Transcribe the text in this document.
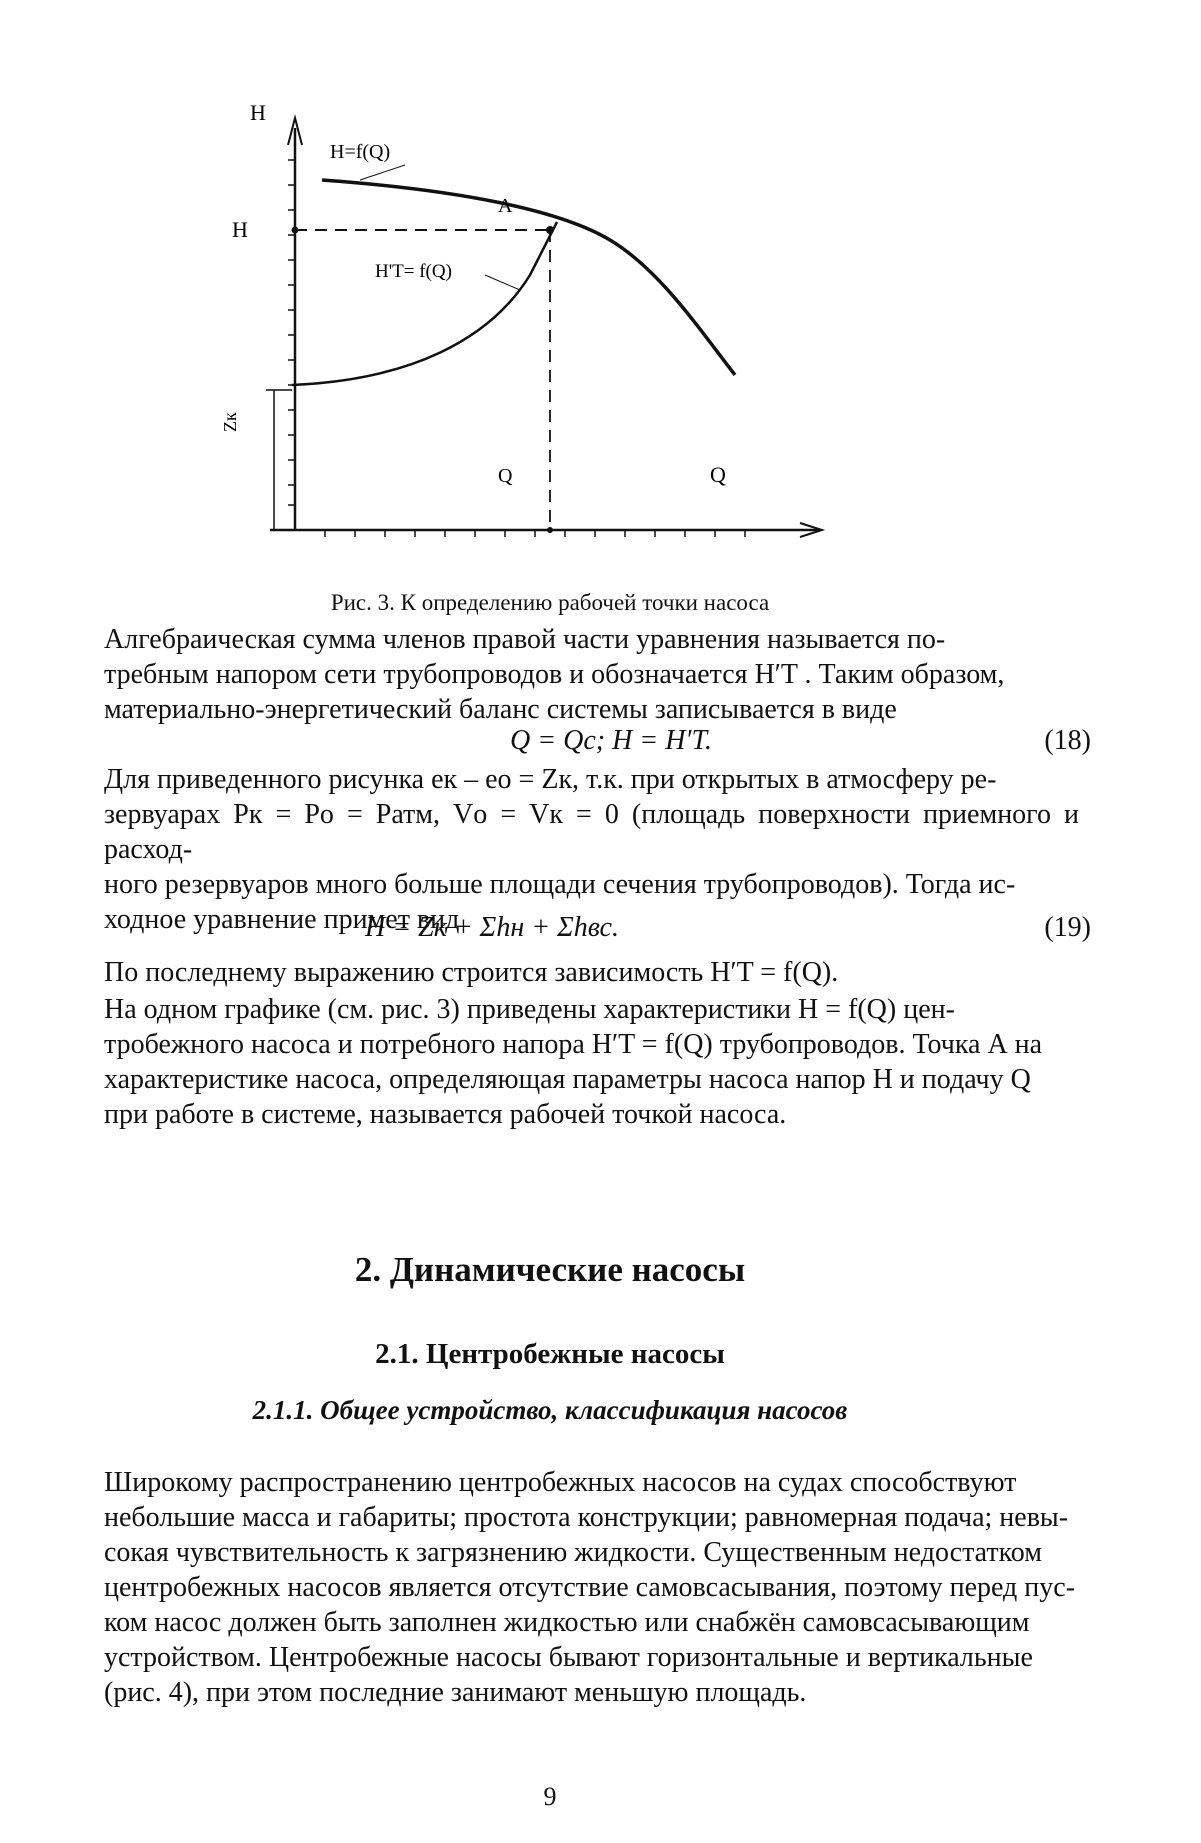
H
Q
H=f(Q)
H'T= f(Q)
A
H
Q
Zк
Рис. 3. К определению рабочей точки насоса
Алгебраическая сумма членов правой части уравнения называется по-
требным напором сети трубопроводов и обозначается H′T . Таким образом,
материально-энергетический баланс системы записывается в виде
Q = Qc; H = H′T.	(18)
Для приведенного рисунка eк – eо = Zк, т.к. при открытых в атмосферу ре-
зервуарах Pк = Pо = Pатм, Vо = Vк = 0 (площадь поверхности приемного и расход-
ного резервуаров много больше площади сечения трубопроводов). Тогда ис-
ходное уравнение примет вид
H = Zк + Σhн + Σhвс.	(19)
По последнему выражению строится зависимость H′T = f(Q).
На одном графике (см. рис. 3) приведены характеристики H = f(Q) цен-
тробежного насоса и потребного напора H′T = f(Q) трубопроводов. Точка А на
характеристике насоса, определяющая параметры насоса напор H и подачу Q
при работе в системе, называется рабочей точкой насоса.
2. Динамические насосы
2.1. Центробежные насосы
2.1.1. Общее устройство, классификация насосов
Широкому распространению центробежных насосов на судах способствуют
небольшие масса и габариты; простота конструкции; равномерная подача; невы-
сокая чувствительность к загрязнению жидкости. Существенным недостатком
центробежных насосов является отсутствие самовсасывания, поэтому перед пус-
ком насос должен быть заполнен жидкостью или снабжён самовсасывающим
устройством. Центробежные насосы бывают горизонтальные и вертикальные
(рис. 4), при этом последние занимают меньшую площадь.
9
